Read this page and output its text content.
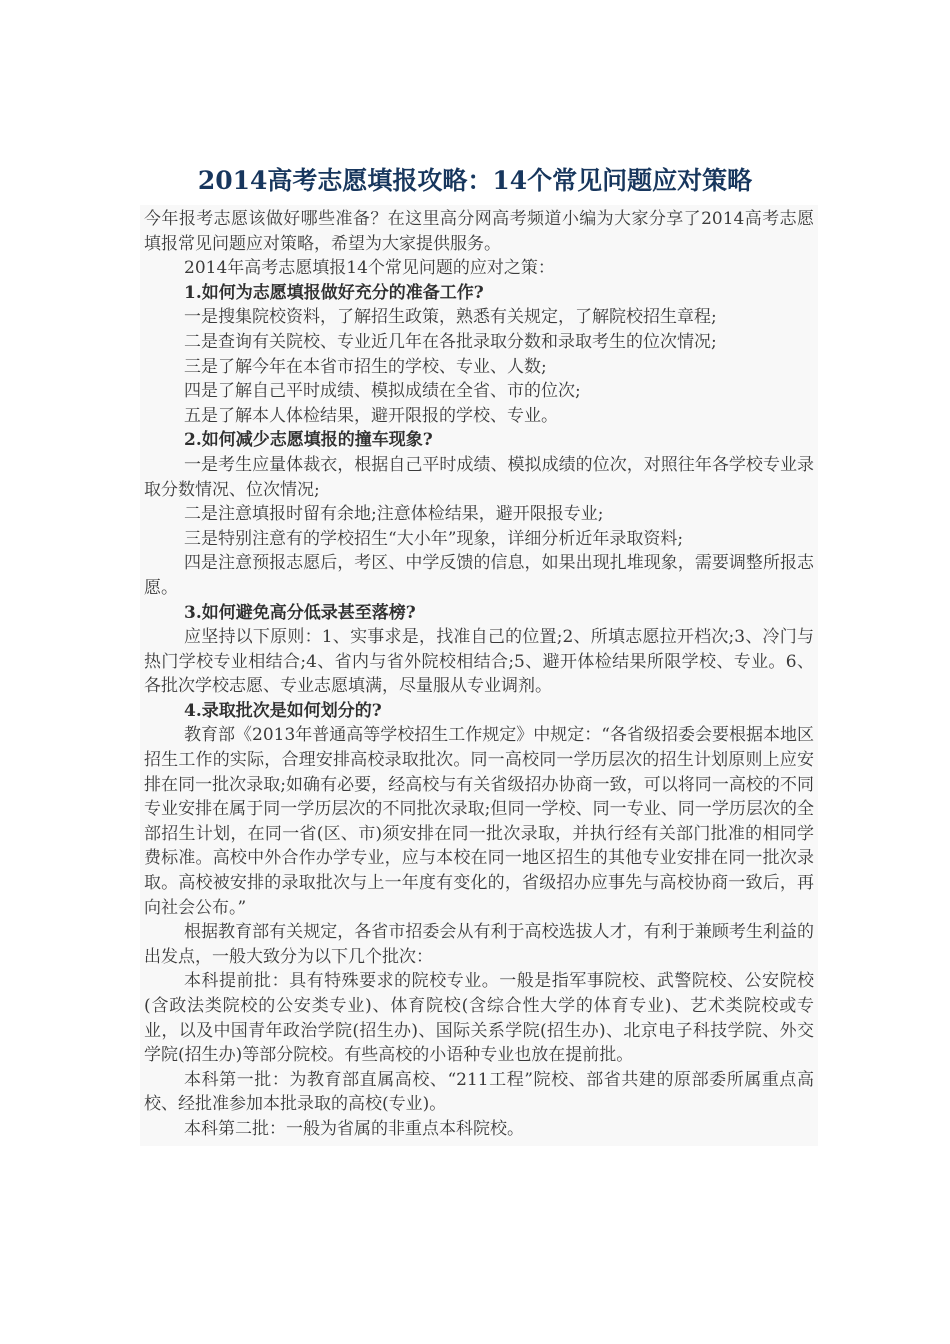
2014高考志愿填报攻略：14个常见问题应对策略

今年报考志愿该做好哪些准备？在这里高分网高考频道小编为大家分享了2014高考志愿填报常见问题应对策略，希望为大家提供服务。

2014年高考志愿填报14个常见问题的应对之策：

1.如何为志愿填报做好充分的准备工作?

一是搜集院校资料，了解招生政策，熟悉有关规定，了解院校招生章程;

二是查询有关院校、专业近几年在各批录取分数和录取考生的位次情况;

三是了解今年在本省市招生的学校、专业、人数;

四是了解自己平时成绩、模拟成绩在全省、市的位次;

五是了解本人体检结果，避开限报的学校、专业。

2.如何减少志愿填报的撞车现象?

一是考生应量体裁衣，根据自己平时成绩、模拟成绩的位次，对照往年各学校专业录取分数情况、位次情况;

二是注意填报时留有余地;注意体检结果，避开限报专业;

三是特别注意有的学校招生“大小年”现象，详细分析近年录取资料;

四是注意预报志愿后，考区、中学反馈的信息，如果出现扎堆现象，需要调整所报志愿。

3.如何避免高分低录甚至落榜?

应坚持以下原则：1、实事求是，找准自己的位置;2、所填志愿拉开档次;3、冷门与热门学校专业相结合;4、省内与省外院校相结合;5、避开体检结果所限学校、专业。6、各批次学校志愿、专业志愿填满，尽量服从专业调剂。

4.录取批次是如何划分的?

教育部《2013年普通高等学校招生工作规定》中规定：“各省级招委会要根据本地区招生工作的实际，合理安排高校录取批次。同一高校同一学历层次的招生计划原则上应安排在同一批次录取;如确有必要，经高校与有关省级招办协商一致，可以将同一高校的不同专业安排在属于同一学历层次的不同批次录取;但同一学校、同一专业、同一学历层次的全部招生计划，在同一省(区、市)须安排在同一批次录取，并执行经有关部门批准的相同学费标准。高校中外合作办学专业，应与本校在同一地区招生的其他专业安排在同一批次录取。高校被安排的录取批次与上一年度有变化的，省级招办应事先与高校协商一致后，再向社会公布。”

根据教育部有关规定，各省市招委会从有利于高校选拔人才，有利于兼顾考生利益的出发点，一般大致分为以下几个批次：

本科提前批：具有特殊要求的院校专业。一般是指军事院校、武警院校、公安院校(含政法类院校的公安类专业)、体育院校(含综合性大学的体育专业)、艺术类院校或专业，以及中国青年政治学院(招生办)、国际关系学院(招生办)、北京电子科技学院、外交学院(招生办)等部分院校。有些高校的小语种专业也放在提前批。

本科第一批：为教育部直属高校、“211工程”院校、部省共建的原部委所属重点高校、经批准参加本批录取的高校(专业)。

本科第二批：一般为省属的非重点本科院校。
